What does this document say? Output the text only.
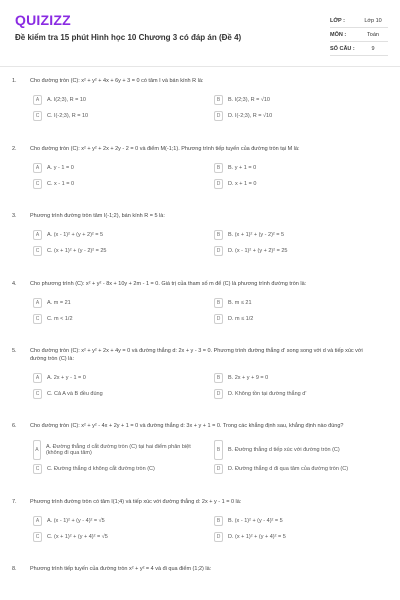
QUIZIZZ
Đề kiểm tra 15 phút Hình học 10 Chương 3 có đáp án (Đề 4)
LỚP :	Lớp 10
MÔN :	Toán
SỐ CÂU :	9
1.	Cho đường tròn (C): x² + y² + 4x + 6y + 3 = 0 có tâm I và bán kính R là:
A	A. I(2;3), R = 10	B	B. I(2;3), R = √10
C	C. I(-2;3), R = 10	D	D. I(-2;3), R = √10
2.	Cho đường tròn (C): x² + y² + 2x + 2y - 2 = 0 và điểm M(-1;1). Phương trình tiếp tuyến của đường tròn tại M là:
A	A. y - 1 = 0	B	B. y + 1 = 0
C	C. x - 1 = 0	D	D. x + 1 = 0
3.	Phương trình đường tròn tâm I(-1;2), bán kính R = 5 là:
A	A. (x - 1)² + (y + 2)² = 5	B	B. (x + 1)² + (y - 2)² = 5
C	C. (x + 1)² + (y - 2)² = 25	D	D. (x - 1)² + (y + 2)² = 25
4.	Cho phương trình (C): x² + y² - 8x + 10y + 2m - 1 = 0. Giá trị của tham số m để (C) là phương trình đường tròn là:
A	A. m = 21	B	B. m ≤ 21
C	C. m < 1/2	D	D. m ≤ 1/2
5.	Cho đường tròn (C): x² + y² + 2x + 4y = 0 và đường thẳng d: 2x + y - 3 = 0. Phương trình đường thẳng d' song song với d và tiếp xúc với đường tròn (C) là:
A	A. 2x + y - 1 = 0	B	B. 2x + y + 9 = 0
C	C. Cả A và B đều đúng	D	D. Không tồn tại đường thẳng d'
6.	Cho đường tròn (C): x² + y² - 4x + 2y + 1 = 0 và đường thẳng d: 3x + y + 1 = 0. Trong các khẳng định sau, khẳng định nào đúng?
A	A. Đường thẳng d cắt đường tròn (C) tại hai điểm phân biệt (không đi qua tâm)	B	B. Đường thẳng d tiếp xúc với đường tròn (C)
C	C. Đường thẳng d không cắt đường tròn (C)	D	D. Đường thẳng d đi qua tâm của đường tròn (C)
7.	Phương trình đường tròn có tâm I(1;4) và tiếp xúc với đường thẳng d: 2x + y - 1 = 0 là:
A	A. (x - 1)² + (y - 4)² = √5	B	B. (x - 1)² + (y - 4)² = 5
C	C. (x + 1)² + (y + 4)² = √5	D	D. (x + 1)² + (y + 4)² = 5
8.	Phương trình tiếp tuyến của đường tròn x² + y² = 4 và đi qua điểm (1;2) là:
